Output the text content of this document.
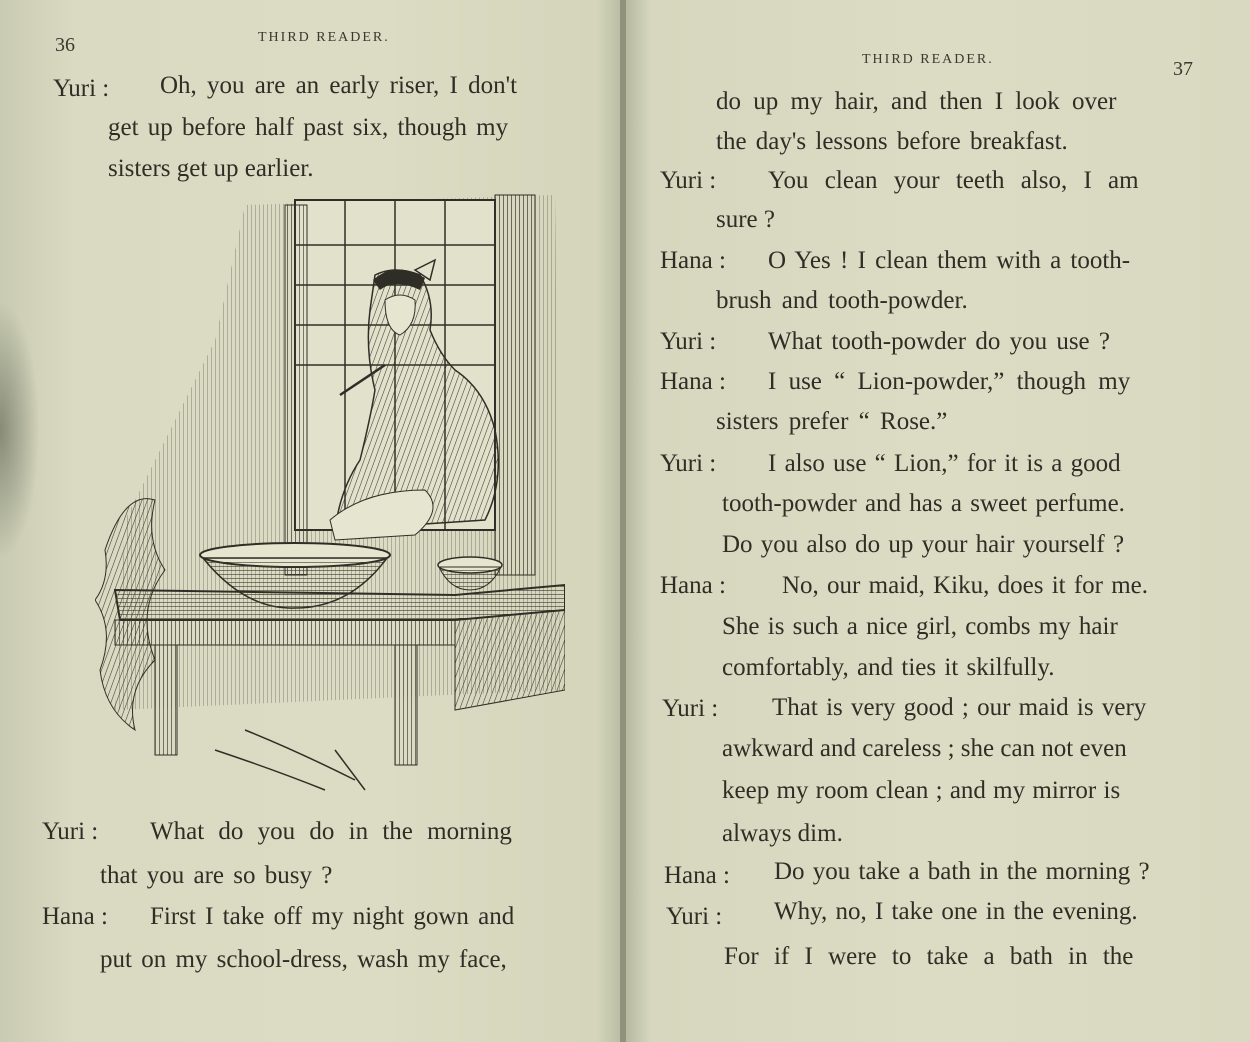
36	THIRD READER.
Yuri : Oh, you are an early riser, I don't
get up before half past six, though my
sisters get up earlier.
Yuri : What do you do in the morning
that you are so busy ?
Hana : First I take off my night gown and
put on my school-dress, wash my face,
THIRD READER.	37
do up my hair, and then I look over
the day's lessons before breakfast.
Yuri : You clean your teeth also, I am
sure ?
Hana : O Yes ! I clean them with a tooth-
brush and tooth-powder.
Yuri : What tooth-powder do you use ?
Hana : I use “ Lion-powder,” though my
sisters prefer “ Rose.”
Yuri : I also use “ Lion,” for it is a good
tooth-powder and has a sweet perfume.
Do you also do up your hair yourself ?
Hana : No, our maid, Kiku, does it for me.
She is such a nice girl, combs my hair
comfortably, and ties it skilfully.
Yuri : That is very good ; our maid is very
awkward and careless ; she can not even
keep my room clean ; and my mirror is
always dim.
Hana : Do you take a bath in the morning ?
Yuri : Why, no, I take one in the evening.
For if I were to take a bath in the
